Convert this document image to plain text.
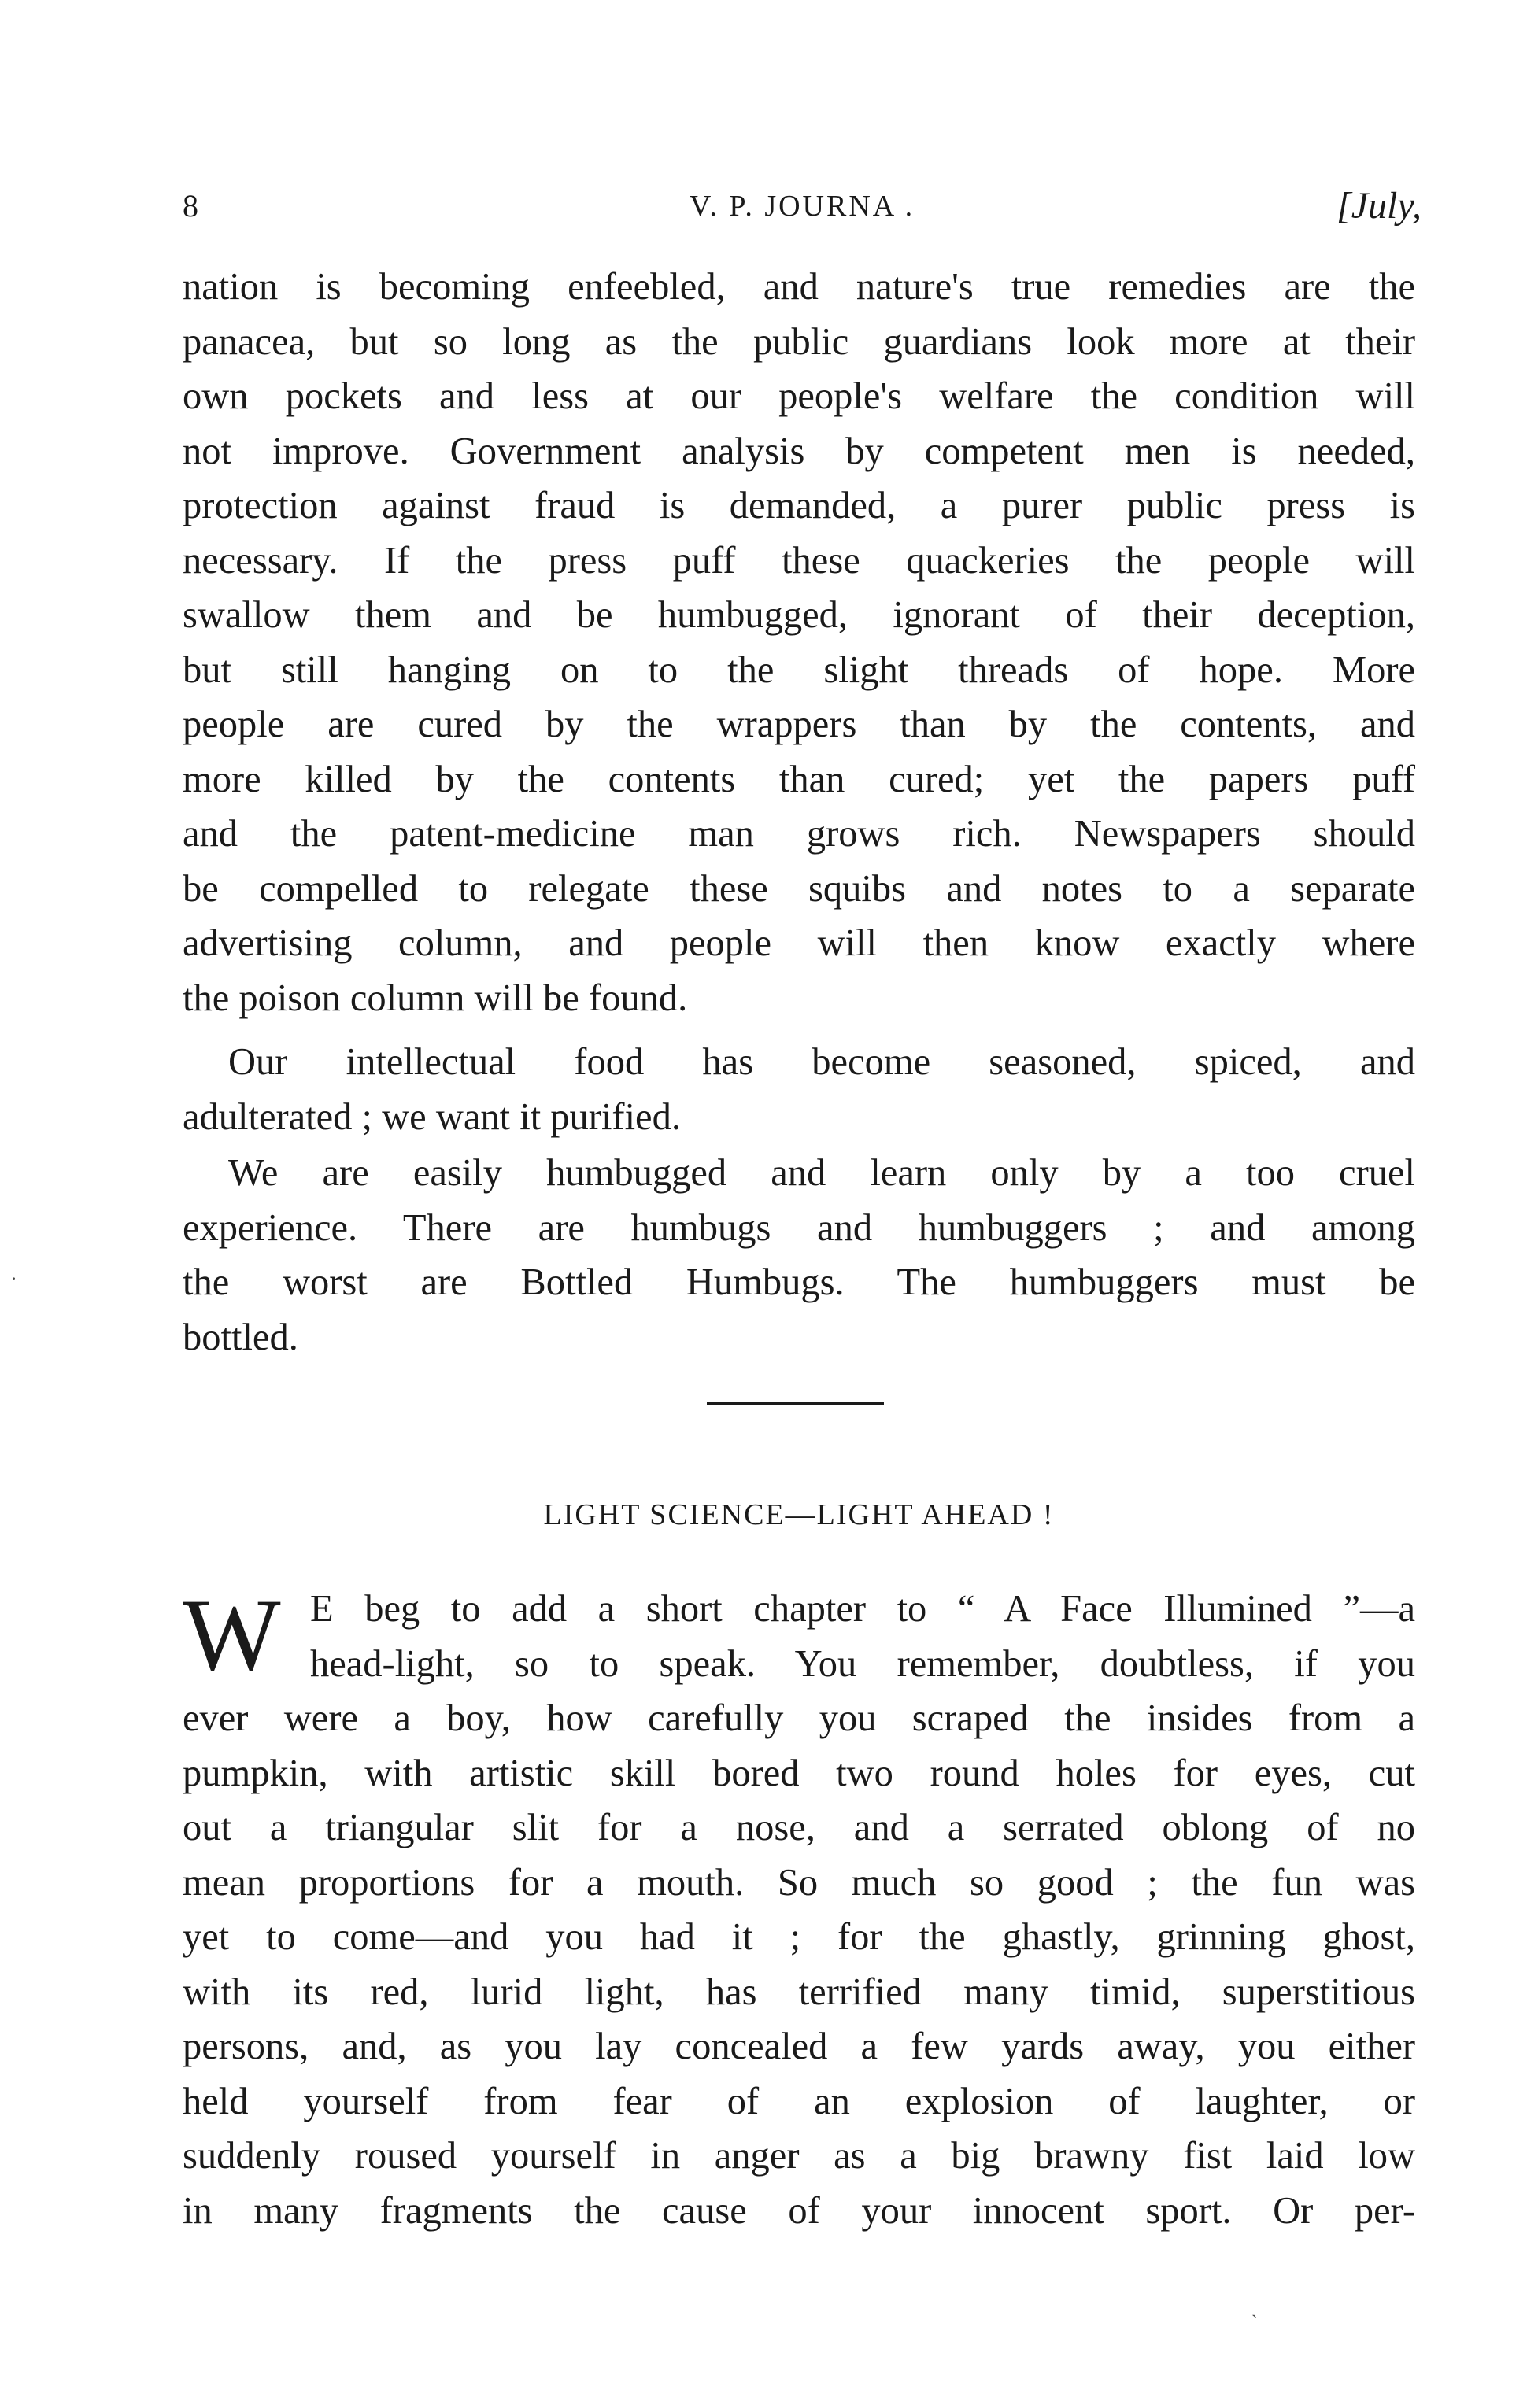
8	V. P. JOURNA .	[July,
nation is becoming enfeebled, and nature's true remedies are the
panacea, but so long as the public guardians look more at their
own pockets and less at our people's welfare the condition will
not improve. Government analysis by competent men is needed,
protection against fraud is demanded, a purer public press is
necessary. If the press puff these quackeries the people will
swallow them and be humbugged, ignorant of their deception,
but still hanging on to the slight threads of hope. More
people are cured by the wrappers than by the contents, and
more killed by the contents than cured; yet the papers puff
and the patent-medicine man grows rich. Newspapers should
be compelled to relegate these squibs and notes to a separate
advertising column, and people will then know exactly where
the poison column will be found.
Our intellectual food has become seasoned, spiced, and
adulterated ; we want it purified.
We are easily humbugged and learn only by a too cruel
experience. There are humbugs and humbuggers ; and among
the worst are Bottled Humbugs. The humbuggers must be
bottled.
LIGHT SCIENCE—LIGHT AHEAD !
W E beg to add a short chapter to “ A Face Illumined ”—a
head-light, so to speak. You remember, doubtless, if you
ever were a boy, how carefully you scraped the insides from a
pumpkin, with artistic skill bored two round holes for eyes, cut
out a triangular slit for a nose, and a serrated oblong of no
mean proportions for a mouth. So much so good ; the fun was
yet to come—and you had it ; for the ghastly, grinning ghost,
with its red, lurid light, has terrified many timid, superstitious
persons, and, as you lay concealed a few yards away, you either
held yourself from fear of an explosion of laughter, or
suddenly roused yourself in anger as a big brawny fist laid low
in many fragments the cause of your innocent sport. Or per-
·
ˎ
